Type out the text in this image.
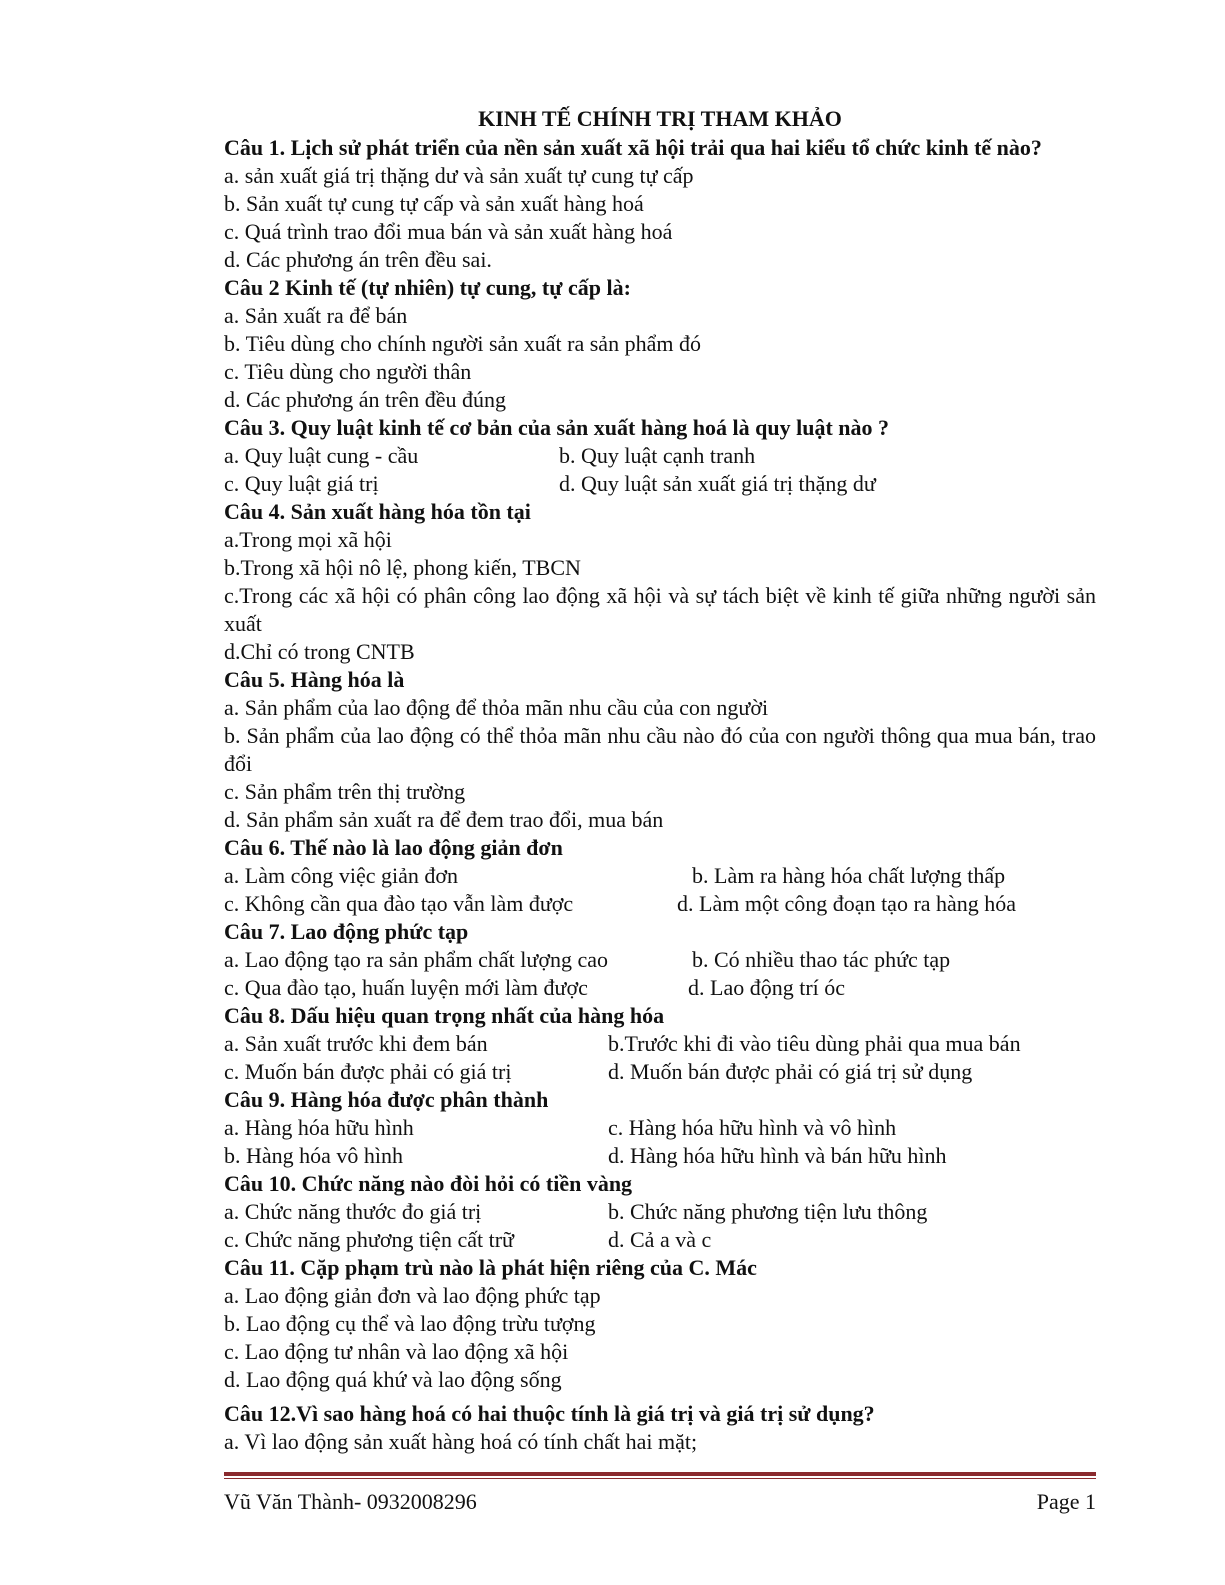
KINH TẾ CHÍNH TRỊ THAM KHẢO
Câu 1. Lịch sử phát triển của nền sản xuất xã hội trải qua hai kiểu tổ chức kinh tế nào?
a. sản xuất giá trị thặng dư và sản xuất tự cung tự cấp
b. Sản xuất tự cung tự cấp và sản xuất hàng hoá
c. Quá trình trao đổi mua bán và sản xuất hàng hoá
d. Các phương án trên đều sai.
Câu 2 Kinh tế (tự nhiên) tự cung, tự cấp là:
a. Sản xuất ra để bán
b. Tiêu dùng cho chính người sản xuất ra sản phẩm đó
c. Tiêu dùng cho người thân
d. Các phương án trên đều đúng
Câu 3. Quy luật kinh tế cơ bản của sản xuất hàng hoá là quy luật nào ?
a. Quy luật cung - cầu	b. Quy luật cạnh tranh
c. Quy luật giá trị	d. Quy luật sản xuất giá trị thặng dư
Câu 4. Sản xuất hàng hóa tồn tại
a.Trong mọi xã hội
b.Trong xã hội nô lệ, phong kiến, TBCN
c.Trong các xã hội có phân công lao động xã hội và sự tách biệt về kinh tế giữa những người sản xuất
d.Chỉ có trong CNTB
Câu 5. Hàng hóa là
a. Sản phẩm của lao động để thỏa mãn nhu cầu của con người
b. Sản phẩm của lao động có thể thỏa mãn nhu cầu nào đó của con người thông qua mua bán, trao đổi
c. Sản phẩm trên thị trường
d. Sản phẩm sản xuất ra để đem trao đổi, mua bán
Câu 6. Thế nào là lao động giản đơn
a. Làm công việc giản đơn	b. Làm ra hàng hóa chất lượng thấp
c. Không cần qua đào tạo vẫn làm được	d. Làm một công đoạn tạo ra hàng hóa
Câu 7. Lao động phức tạp
a. Lao động tạo ra sản phẩm chất lượng cao	b. Có nhiều thao tác phức tạp
c. Qua đào tạo, huấn luyện mới làm được	d. Lao động trí óc
Câu 8. Dấu hiệu quan trọng nhất của hàng hóa
a. Sản xuất trước khi đem bán	b.Trước khi đi vào tiêu dùng phải qua mua bán
c. Muốn bán được phải có giá trị	d. Muốn bán được phải có giá trị sử dụng
Câu 9. Hàng hóa được phân thành
a. Hàng hóa hữu hình	c. Hàng hóa hữu hình và vô hình
b. Hàng hóa vô hình	d. Hàng hóa hữu hình và bán hữu hình
Câu 10. Chức năng nào đòi hỏi có tiền vàng
a. Chức năng thước đo giá trị	b. Chức năng phương tiện lưu thông
c. Chức năng phương tiện cất trữ	d. Cả a và c
Câu 11. Cặp phạm trù nào là phát hiện riêng của C. Mác
a. Lao động giản đơn và lao động phức tạp
b. Lao động cụ thể và lao động trừu tượng
c. Lao động tư nhân và lao động xã hội
d. Lao động quá khứ và lao động sống
Câu 12.Vì sao hàng hoá có hai thuộc tính là giá trị và giá trị sử dụng?
a. Vì lao động sản xuất hàng hoá có tính chất hai mặt;
Vũ Văn Thành- 0932008296	Page 1
